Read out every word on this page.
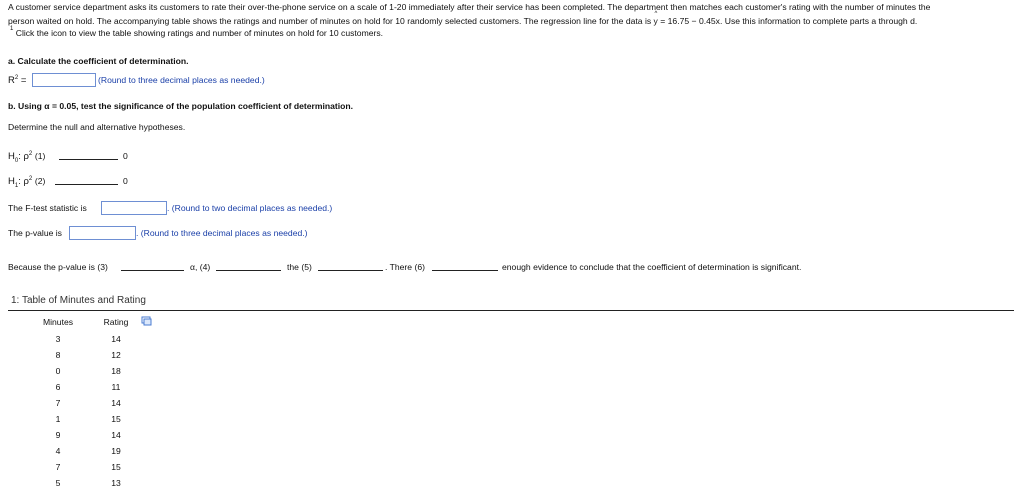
A customer service department asks its customers to rate their over-the-phone service on a scale of 1-20 immediately after their service has been completed. The department then matches each customer's rating with the number of minutes the
person waited on hold. The accompanying table shows the ratings and number of minutes on hold for 10 randomly selected customers. The regression line for the data is
^
y = 16.75 − 0.45x. Use this information to complete parts a through d.
$^1$ Click the icon to view the table showing ratings and number of minutes on hold for 10 customers.
a. Calculate the coefficient of determination.
$R^2$ =	(Round to three decimal places as needed.)
b. Using α = 0.05, test the significance of the population coefficient of determination.
Determine the null and alternative hypotheses.
$H_0$: $\rho^2$ (1)	0
$H_1$: $\rho^2$ (2)	0
The F-test statistic is	. (Round to two decimal places as needed.)
The p-value is	. (Round to three decimal places as needed.)
Because the p-value is (3)	α, (4)	the (5)	. There (6)	enough evidence to conclude that the coefficient of determination is significant.
1: Table of Minutes and Rating
Minutes	Rating
3	14
8	12
0	18
6	11
7	14
1	15
9	14
4	19
7	15
5	13
